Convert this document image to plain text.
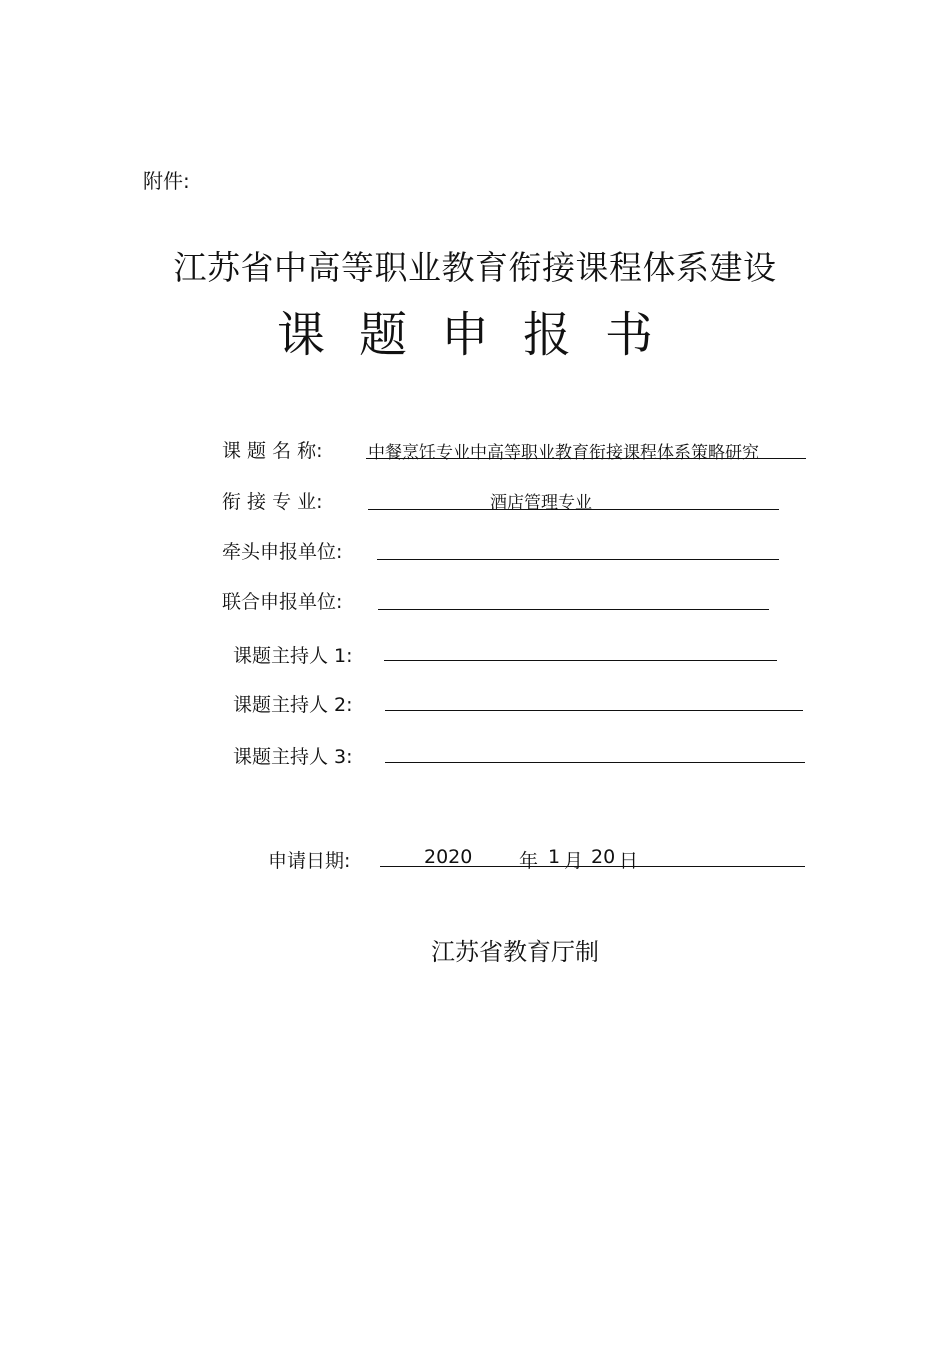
附件:
江苏省中高等职业教育衔接课程体系建设
课题申报书
课 题 名 称:	中餐烹饪专业中高等职业教育衔接课程体系策略研究
衔 接 专 业:	酒店管理专业
牵头申报单位:
联合申报单位:
课题主持人 1:
课题主持人 2:
课题主持人 3:
申请日期:	2020 年 1 月 20 日
江苏省教育厅制
